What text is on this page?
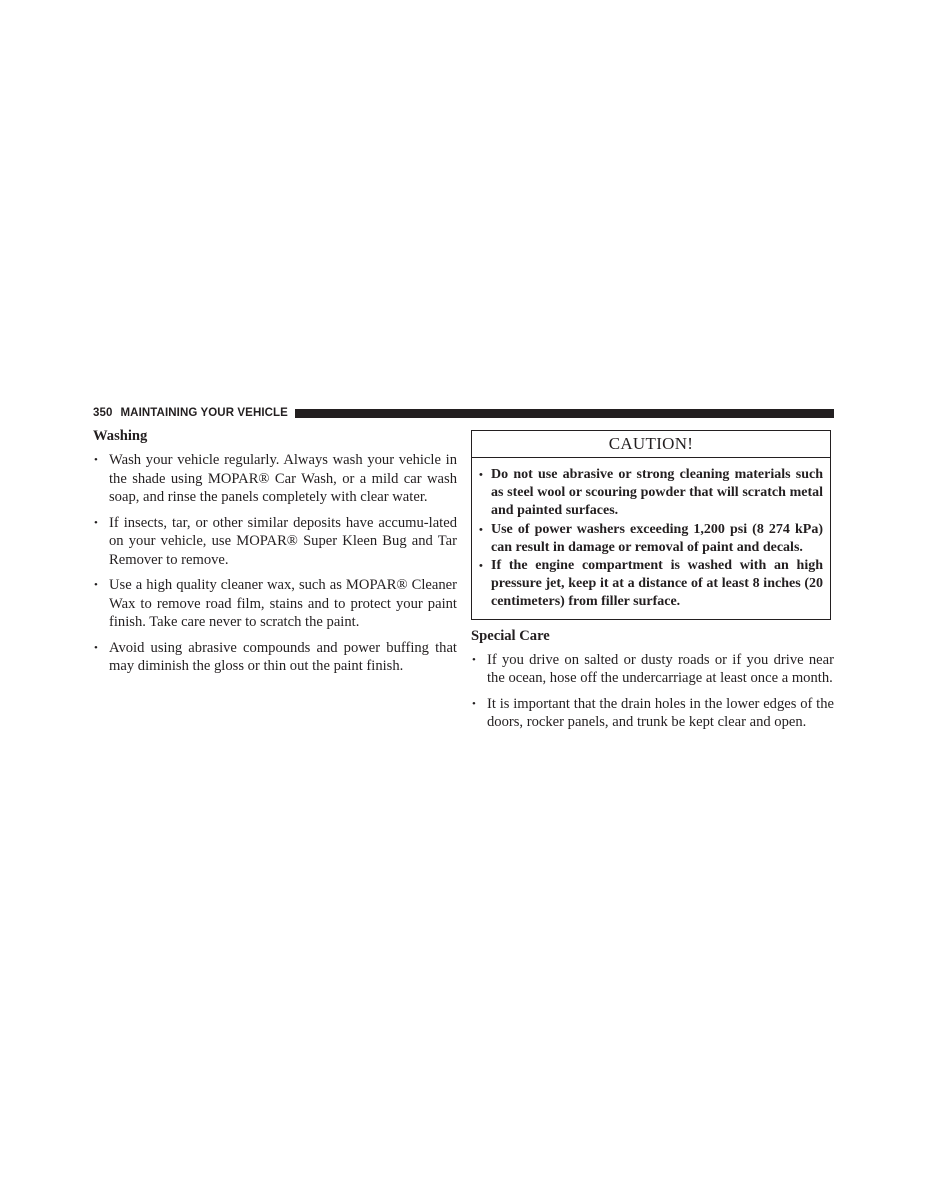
350 MAINTAINING YOUR VEHICLE
Washing
• Wash your vehicle regularly. Always wash your vehicle in the shade using MOPAR® Car Wash, or a mild car wash soap, and rinse the panels completely with clear water.
• If insects, tar, or other similar deposits have accumu-lated on your vehicle, use MOPAR® Super Kleen Bug and Tar Remover to remove.
• Use a high quality cleaner wax, such as MOPAR® Cleaner Wax to remove road film, stains and to protect your paint finish. Take care never to scratch the paint.
• Avoid using abrasive compounds and power buffing that may diminish the gloss or thin out the paint finish.
CAUTION!
• Do not use abrasive or strong cleaning materials such as steel wool or scouring powder that will scratch metal and painted surfaces.
• Use of power washers exceeding 1,200 psi (8 274 kPa) can result in damage or removal of paint and decals.
• If the engine compartment is washed with an high pressure jet, keep it at a distance of at least 8 inches (20 centimeters) from filler surface.
Special Care
• If you drive on salted or dusty roads or if you drive near the ocean, hose off the undercarriage at least once a month.
• It is important that the drain holes in the lower edges of the doors, rocker panels, and trunk be kept clear and open.
